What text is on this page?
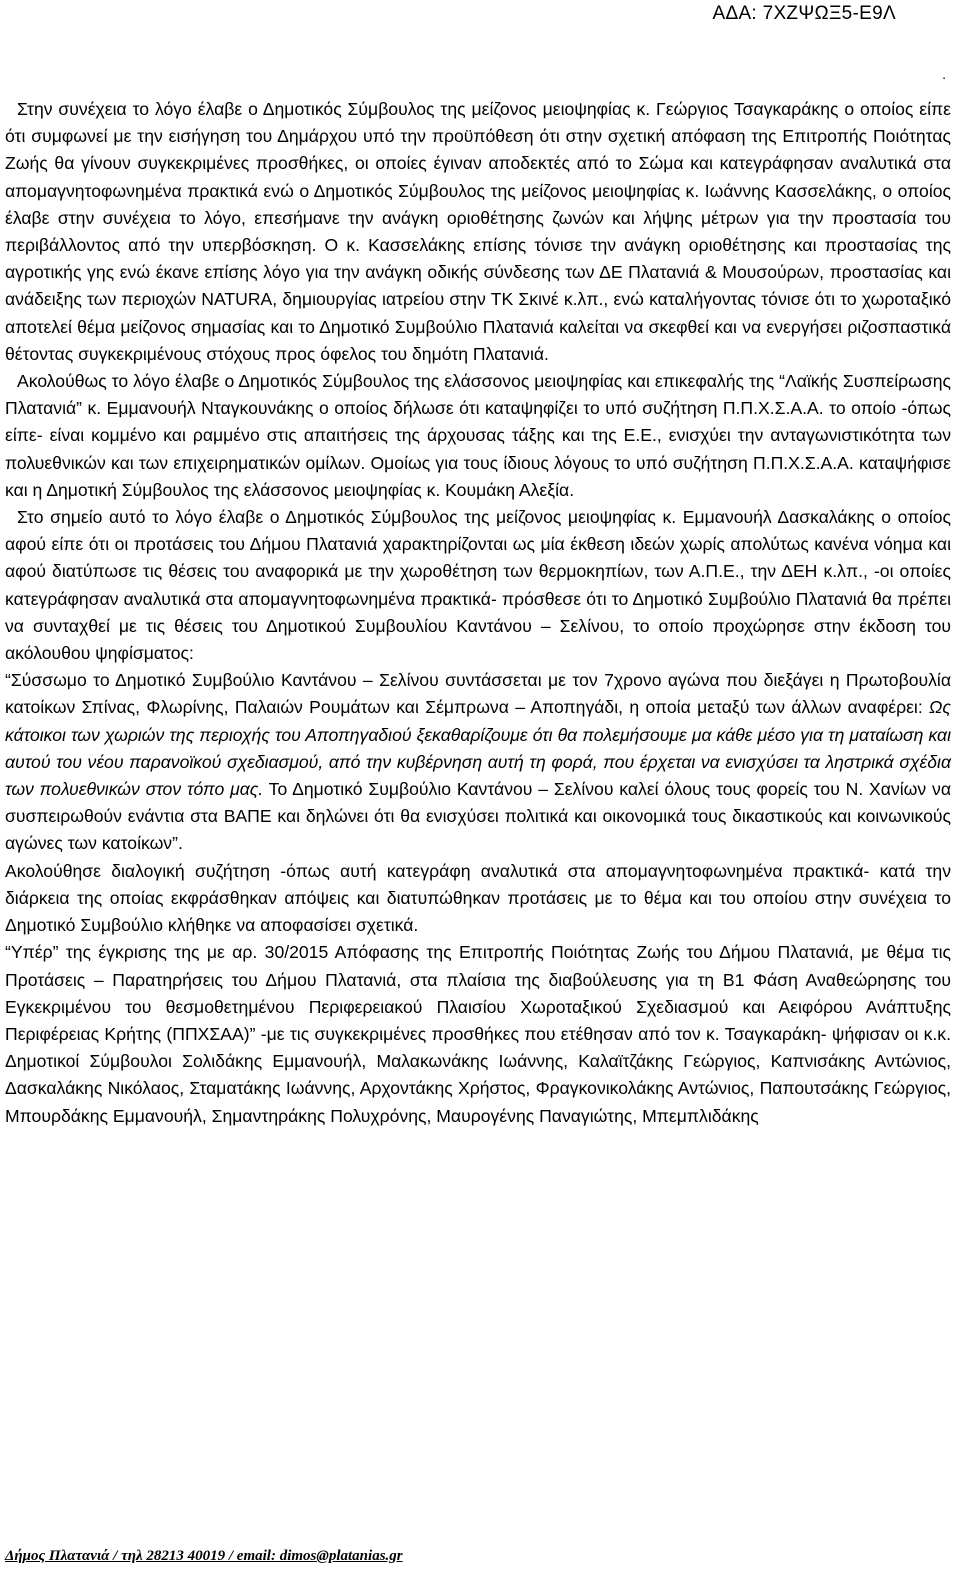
ΑΔΑ: 7ΧΖΨΩΞ5-Ε9Λ
.

Στην συνέχεια το λόγο έλαβε ο Δημοτικός Σύμβουλος της μείζονος μειοψηφίας κ. Γεώργιος Τσαγκαράκης ο οποίος είπε ότι συμφωνεί με την εισήγηση του Δημάρχου υπό την προϋπόθεση ότι στην σχετική απόφαση της Επιτροπής Ποιότητας Ζωής θα γίνουν συγκεκριμένες προσθήκες, οι οποίες έγιναν αποδεκτές από το Σώμα και κατεγράφησαν αναλυτικά στα απομαγνητοφωνημένα πρακτικά ενώ ο Δημοτικός Σύμβουλος της μείζονος μειοψηφίας κ. Ιωάννης Κασσελάκης, ο οποίος έλαβε στην συνέχεια το λόγο, επεσήμανε την ανάγκη οριοθέτησης ζωνών και λήψης μέτρων για την προστασία του περιβάλλοντος από την υπερβόσκηση. Ο κ. Κασσελάκης επίσης τόνισε την ανάγκη οριοθέτησης και προστασίας της αγροτικής γης ενώ έκανε επίσης λόγο για την ανάγκη οδικής σύνδεσης των ΔΕ Πλατανιά & Μουσούρων, προστασίας και ανάδειξης των περιοχών NATURA, δημιουργίας ιατρείου στην ΤΚ Σκινέ κ.λπ., ενώ καταλήγοντας τόνισε ότι το χωροταξικό αποτελεί θέμα μείζονος σημασίας και το Δημοτικό Συμβούλιο Πλατανιά καλείται να σκεφθεί και να ενεργήσει ριζοσπαστικά θέτοντας συγκεκριμένους στόχους προς όφελος του δημότη Πλατανιά.

Ακολούθως το λόγο έλαβε ο Δημοτικός Σύμβουλος της ελάσσονος μειοψηφίας και επικεφαλής της “Λαϊκής Συσπείρωσης Πλατανιά” κ. Εμμανουήλ Νταγκουνάκης ο οποίος δήλωσε ότι καταψηφίζει το υπό συζήτηση Π.Π.Χ.Σ.Α.Α. το οποίο -όπως είπε- είναι κομμένο και ραμμένο στις απαιτήσεις της άρχουσας τάξης και της Ε.Ε., ενισχύει την ανταγωνιστικότητα των πολυεθνικών και των επιχειρηματικών ομίλων. Ομοίως για τους ίδιους λόγους το υπό συζήτηση Π.Π.Χ.Σ.Α.Α. καταψήφισε και η Δημοτική Σύμβουλος της ελάσσονος μειοψηφίας κ. Κουμάκη Αλεξία.

Στο σημείο αυτό το λόγο έλαβε ο Δημοτικός Σύμβουλος της μείζονος μειοψηφίας κ. Εμμανουήλ Δασκαλάκης ο οποίος αφού είπε ότι οι προτάσεις του Δήμου Πλατανιά χαρακτηρίζονται ως μία έκθεση ιδεών χωρίς απολύτως κανένα νόημα και αφού διατύπωσε τις θέσεις του αναφορικά με την χωροθέτηση των θερμοκηπίων, των Α.Π.Ε., την ΔΕΗ κ.λπ., -οι οποίες κατεγράφησαν αναλυτικά στα απομαγνητοφωνημένα πρακτικά- πρόσθεσε ότι το Δημοτικό Συμβούλιο Πλατανιά θα πρέπει να συνταχθεί με τις θέσεις του Δημοτικού Συμβουλίου Καντάνου – Σελίνου, το οποίο προχώρησε στην έκδοση του ακόλουθου ψηφίσματος:

“Σύσσωμο το Δημοτικό Συμβούλιο Καντάνου – Σελίνου συντάσσεται με τον 7χρονο αγώνα που διεξάγει η Πρωτοβουλία κατοίκων Σπίνας, Φλωρίνης, Παλαιών Ρουμάτων και Σέμπρωνα – Αποπηγάδι, η οποία μεταξύ των άλλων αναφέρει: Ως κάτοικοι των χωριών της περιοχής του Αποπηγαδιού ξεκαθαρίζουμε ότι θα πολεμήσουμε μα κάθε μέσο για τη ματαίωση και αυτού του νέου παρανοϊκού σχεδιασμού, από την κυβέρνηση αυτή τη φορά, που έρχεται να ενισχύσει τα ληστρικά σχέδια των πολυεθνικών στον τόπο μας. Το Δημοτικό Συμβούλιο Καντάνου – Σελίνου καλεί όλους τους φορείς του Ν. Χανίων να συσπειρωθούν ενάντια στα ΒΑΠΕ και δηλώνει ότι θα ενισχύσει πολιτικά και οικονομικά τους δικαστικούς και κοινωνικούς αγώνες των κατοίκων”.

Ακολούθησε διαλογική συζήτηση -όπως αυτή κατεγράφη αναλυτικά στα απομαγνητοφωνημένα πρακτικά- κατά την διάρκεια της οποίας εκφράσθηκαν απόψεις και διατυπώθηκαν προτάσεις με το θέμα και του οποίου στην συνέχεια το Δημοτικό Συμβούλιο κλήθηκε να αποφασίσει σχετικά.

“Υπέρ” της έγκρισης της με αρ. 30/2015 Απόφασης της Επιτροπής Ποιότητας Ζωής του Δήμου Πλατανιά, με θέμα τις Προτάσεις – Παρατηρήσεις του Δήμου Πλατανιά, στα πλαίσια της διαβούλευσης για τη Β1 Φάση Αναθεώρησης του Εγκεκριμένου του θεσμοθετημένου Περιφερειακού Πλαισίου Χωροταξικού Σχεδιασμού και Αειφόρου Ανάπτυξης Περιφέρειας Κρήτης (ΠΠΧΣΑΑ)” -με τις συγκεκριμένες προσθήκες που ετέθησαν από τον κ. Τσαγκαράκη- ψήφισαν οι κ.κ. Δημοτικοί Σύμβουλοι Σολιδάκης Εμμανουήλ, Μαλακωνάκης Ιωάννης, Καλαϊτζάκης Γεώργιος, Καπνισάκης Αντώνιος, Δασκαλάκης Νικόλαος, Σταματάκης Ιωάννης, Αρχοντάκης Χρήστος, Φραγκονικολάκης Αντώνιος, Παπουτσάκης Γεώργιος, Μπουρδάκης Εμμανουήλ, Σημαντηράκης Πολυχρόνης, Μαυρογένης Παναγιώτης, Μπεμπλιδάκης

Δήμος Πλατανιά / τηλ 28213 40019 / email: dimos@platanias.gr
